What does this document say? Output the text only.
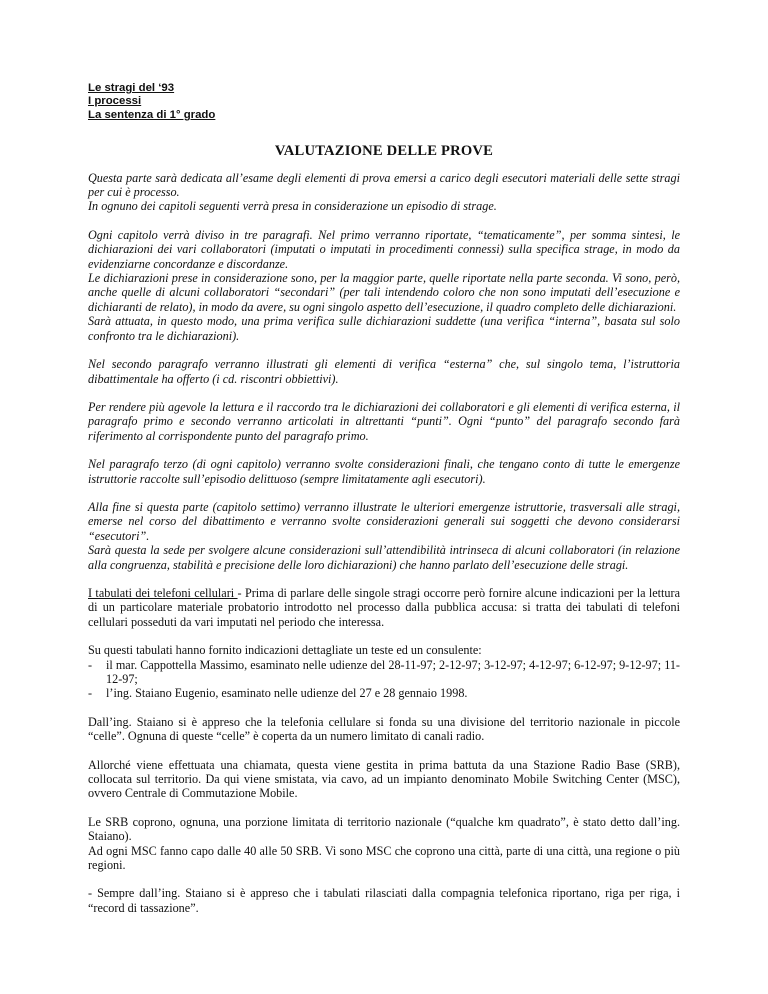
Le stragi del ‘93
I processi
La sentenza di 1° grado
VALUTAZIONE DELLE PROVE

Questa parte sarà dedicata all’esame degli elementi di prova emersi a carico degli esecutori materiali delle sette stragi per cui è processo.

In ognuno dei capitoli seguenti verrà presa in considerazione un episodio di strage.

Ogni capitolo verrà diviso in tre paragrafi. Nel primo verranno riportate, “tematicamente”, per somma sintesi, le dichiarazioni dei vari collaboratori (imputati o imputati in procedimenti connessi) sulla specifica strage, in modo da evidenziarne concordanze e discordanze.

Le dichiarazioni prese in considerazione sono, per la maggior parte, quelle riportate nella parte seconda. Vi sono, però, anche quelle di alcuni collaboratori “secondari” (per tali intendendo coloro che non sono imputati dell’esecuzione e dichiaranti de relato), in modo da avere, su ogni singolo aspetto dell’esecuzione, il quadro completo delle dichiarazioni.

Sarà attuata, in questo modo, una prima verifica sulle dichiarazioni suddette (una verifica “interna”, basata sul solo confronto tra le dichiarazioni).

Nel secondo paragrafo verranno illustrati gli elementi di verifica “esterna” che, sul singolo tema, l’istruttoria dibattimentale ha offerto (i cd. riscontri obbiettivi).

Per rendere più agevole la lettura e il raccordo tra le dichiarazioni dei collaboratori e gli elementi di verifica esterna, il paragrafo primo e secondo verranno articolati in altrettanti “punti”. Ogni “punto” del paragrafo secondo farà riferimento al corrispondente punto del paragrafo primo.

Nel paragrafo terzo (di ogni capitolo) verranno svolte considerazioni finali, che tengano conto di tutte le emergenze istruttorie raccolte sull’episodio delittuoso (sempre limitatamente agli esecutori).

Alla fine si questa parte (capitolo settimo) verranno illustrate le ulteriori emergenze istruttorie, trasversali alle stragi, emerse nel corso del dibattimento e verranno svolte considerazioni generali sui soggetti che devono considerarsi “esecutori”.

Sarà questa la sede per svolgere alcune considerazioni sull’attendibilità intrinseca di alcuni collaboratori (in relazione alla congruenza, stabilità e precisione delle loro dichiarazioni) che hanno parlato dell’esecuzione delle stragi.

I tabulati dei telefoni cellulari - Prima di parlare delle singole stragi occorre però fornire alcune indicazioni per la lettura di un particolare materiale probatorio introdotto nel processo dalla pubblica accusa: si tratta dei tabulati di telefoni cellulari posseduti da vari imputati nel periodo che interessa.

Su questi tabulati hanno fornito indicazioni dettagliate un teste ed un consulente:

- il mar. Cappottella Massimo, esaminato nelle udienze del 28-11-97; 2-12-97; 3-12-97; 4-12-97; 6-12-97; 9-12-97; 11-12-97;
- l’ing. Staiano Eugenio, esaminato nelle udienze del 27 e 28 gennaio 1998.

Dall’ing. Staiano si è appreso che la telefonia cellulare si fonda su una divisione del territorio nazionale in piccole “celle”. Ognuna di queste “celle” è coperta da un numero limitato di canali radio.

Allorché viene effettuata una chiamata, questa viene gestita in prima battuta da una Stazione Radio Base (SRB), collocata sul territorio. Da qui viene smistata, via cavo, ad un impianto denominato Mobile Switching Center (MSC), ovvero Centrale di Commutazione Mobile.

Le SRB coprono, ognuna, una porzione limitata di territorio nazionale (“qualche km quadrato”, è stato detto dall’ing. Staiano).

Ad ogni MSC fanno capo dalle 40 alle 50 SRB. Vi sono MSC che coprono una città, parte di una città, una regione o più regioni.

- Sempre dall’ing. Staiano si è appreso che i tabulati rilasciati dalla compagnia telefonica riportano, riga per riga, i “record di tassazione”.
